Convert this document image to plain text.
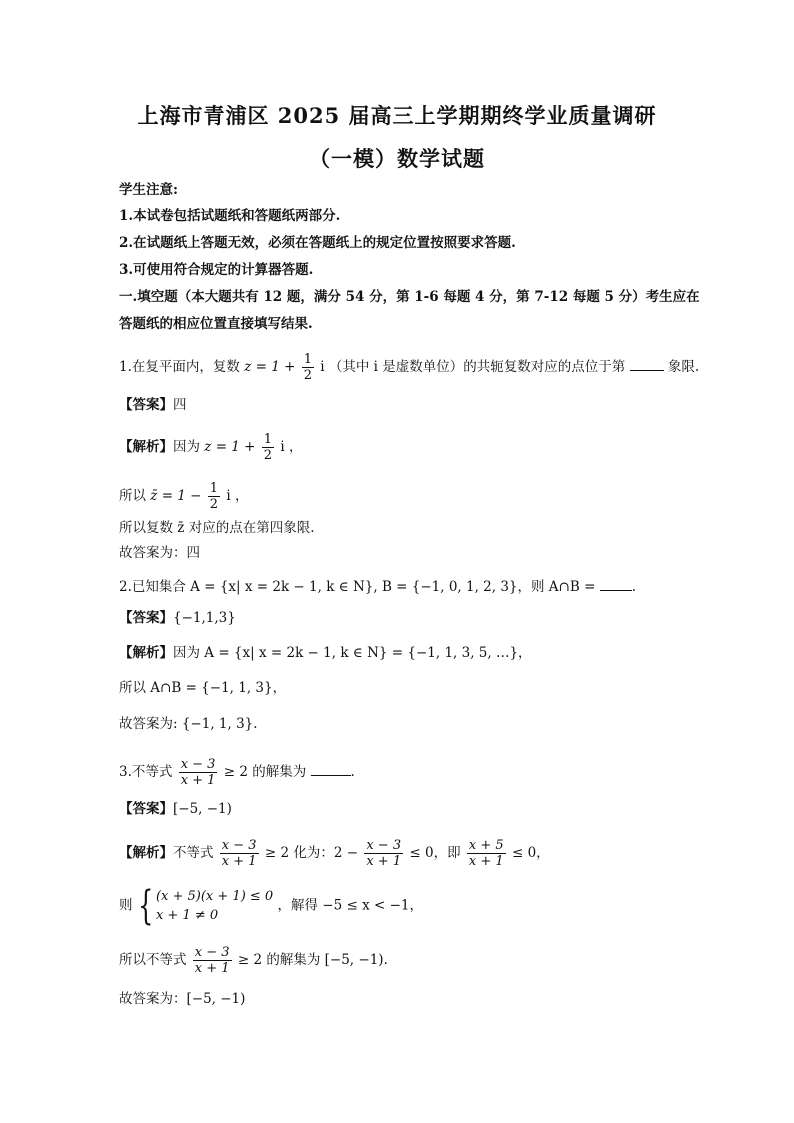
上海市青浦区 2025 届高三上学期期终学业质量调研
（一模）数学试题
学生注意:
1.本试卷包括试题纸和答题纸两部分.
2.在试题纸上答题无效，必须在答题纸上的规定位置按照要求答题.
3.可使用符合规定的计算器答题.
一.填空题（本大题共有 12 题，满分 54 分，第 1-6 每题 4 分，第 7-12 每题 5 分）考生应在
答题纸的相应位置直接填写结果.
1.在复平面内，复数 $z = 1 + \frac{1}{2}$ i （其中 i 是虚数单位）的共轭复数对应的点位于第	象限.
【答案】四
【解析】因为 $z = 1 + \frac{1}{2}$ i ，
所以 z̄ = $1 - \frac{1}{2}$ i ，
所以复数 z̄ 对应的点在第四象限.
故答案为：四
2.已知集合 A = {x| x = 2k − 1, k ∈ N}, B = {−1, 0, 1, 2, 3}，则 A∩B =	.
【答案】{−1,1,3}
【解析】因为 A = {x| x = 2k − 1, k ∈ N} = {−1, 1, 3, 5, …}，
所以 A∩B = {−1, 1, 3}，
故答案为: {−1, 1, 3}.
3.不等式 $\frac{x - 3}{x + 1} \ge 2$ 的解集为	.
【答案】[−5, −1)
【解析】不等式 $\frac{x - 3}{x + 1} \ge 2$ 化为：$2 - \frac{x - 3}{x + 1} \le 0$，即 $\frac{x + 5}{x + 1} \le 0$，
则 { (x + 5)(x + 1) ≤ 0
x + 1 ≠ 0
，解得 −5 ≤ x < −1，
所以不等式 $\frac{x - 3}{x + 1} \ge 2$ 的解集为 [−5, −1).
故答案为：[−5, −1)
